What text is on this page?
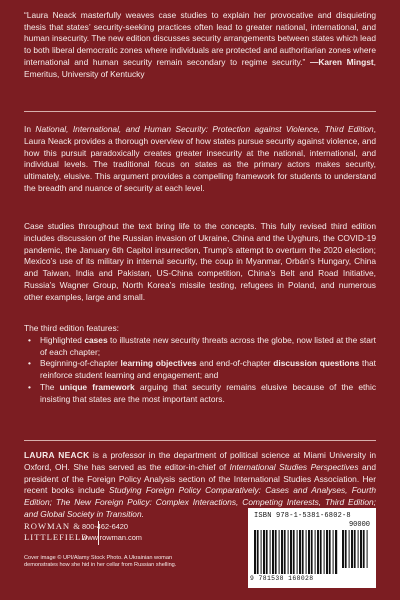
“Laura Neack masterfully weaves case studies to explain her provocative and disquieting thesis that states’ security-seeking practices often lead to greater national, international, and human insecurity. The new edition discusses security arrangements between states which lead to both liberal democratic zones where individuals are protected and authoritarian zones where international and human security remain secondary to regime security.” —Karen Mingst, Emeritus, University of Kentucky
In National, International, and Human Security: Protection against Violence, Third Edition, Laura Neack provides a thorough overview of how states pursue security against violence, and how this pursuit paradoxically creates greater insecurity at the national, international, and individual levels. The traditional focus on states as the primary actors makes security, ultimately, elusive. This argument provides a compelling framework for students to understand the breadth and nuance of security at each level.
Case studies throughout the text bring life to the concepts. This fully revised third edition includes discussion of the Russian invasion of Ukraine, China and the Uyghurs, the COVID-19 pandemic, the January 6th Capitol insurrection, Trump’s attempt to overturn the 2020 election; Mexico’s use of its military in internal security, the coup in Myanmar, Orbán’s Hungary, China and Taiwan, India and Pakistan, US-China competition, China’s Belt and Road Initiative, Russia’s Wagner Group, North Korea’s missile testing, refugees in Poland, and numerous other examples, large and small.

The third edition features:

• Highlighted cases to illustrate new security threats across the globe, now listed at the start of each chapter;
• Beginning-of-chapter learning objectives and end-of-chapter discussion questions that reinforce student learning and engagement; and
• The unique framework arguing that security remains elusive because of the ethic insisting that states are the most important actors.
LAURA NEACK is a professor in the department of political science at Miami University in Oxford, OH. She has served as the editor-in-chief of International Studies Perspectives and president of the Foreign Policy Analysis section of the International Studies Association. Her recent books include Studying Foreign Policy Comparatively: Cases and Analyses, Fourth Edition; The New Foreign Policy: Complex Interactions, Competing Interests, Third Edition; and Global Society in Transition.
ROWMAN &
LITTLEFIELD
800-462-6420
www.rowman.com
Cover image © UPI/Alamy Stock Photo. A Ukrainian woman demonstrates how she hid in her cellar from Russian shelling.
ISBN 978-1-5381-6802-8
90000
9 781538 168028
